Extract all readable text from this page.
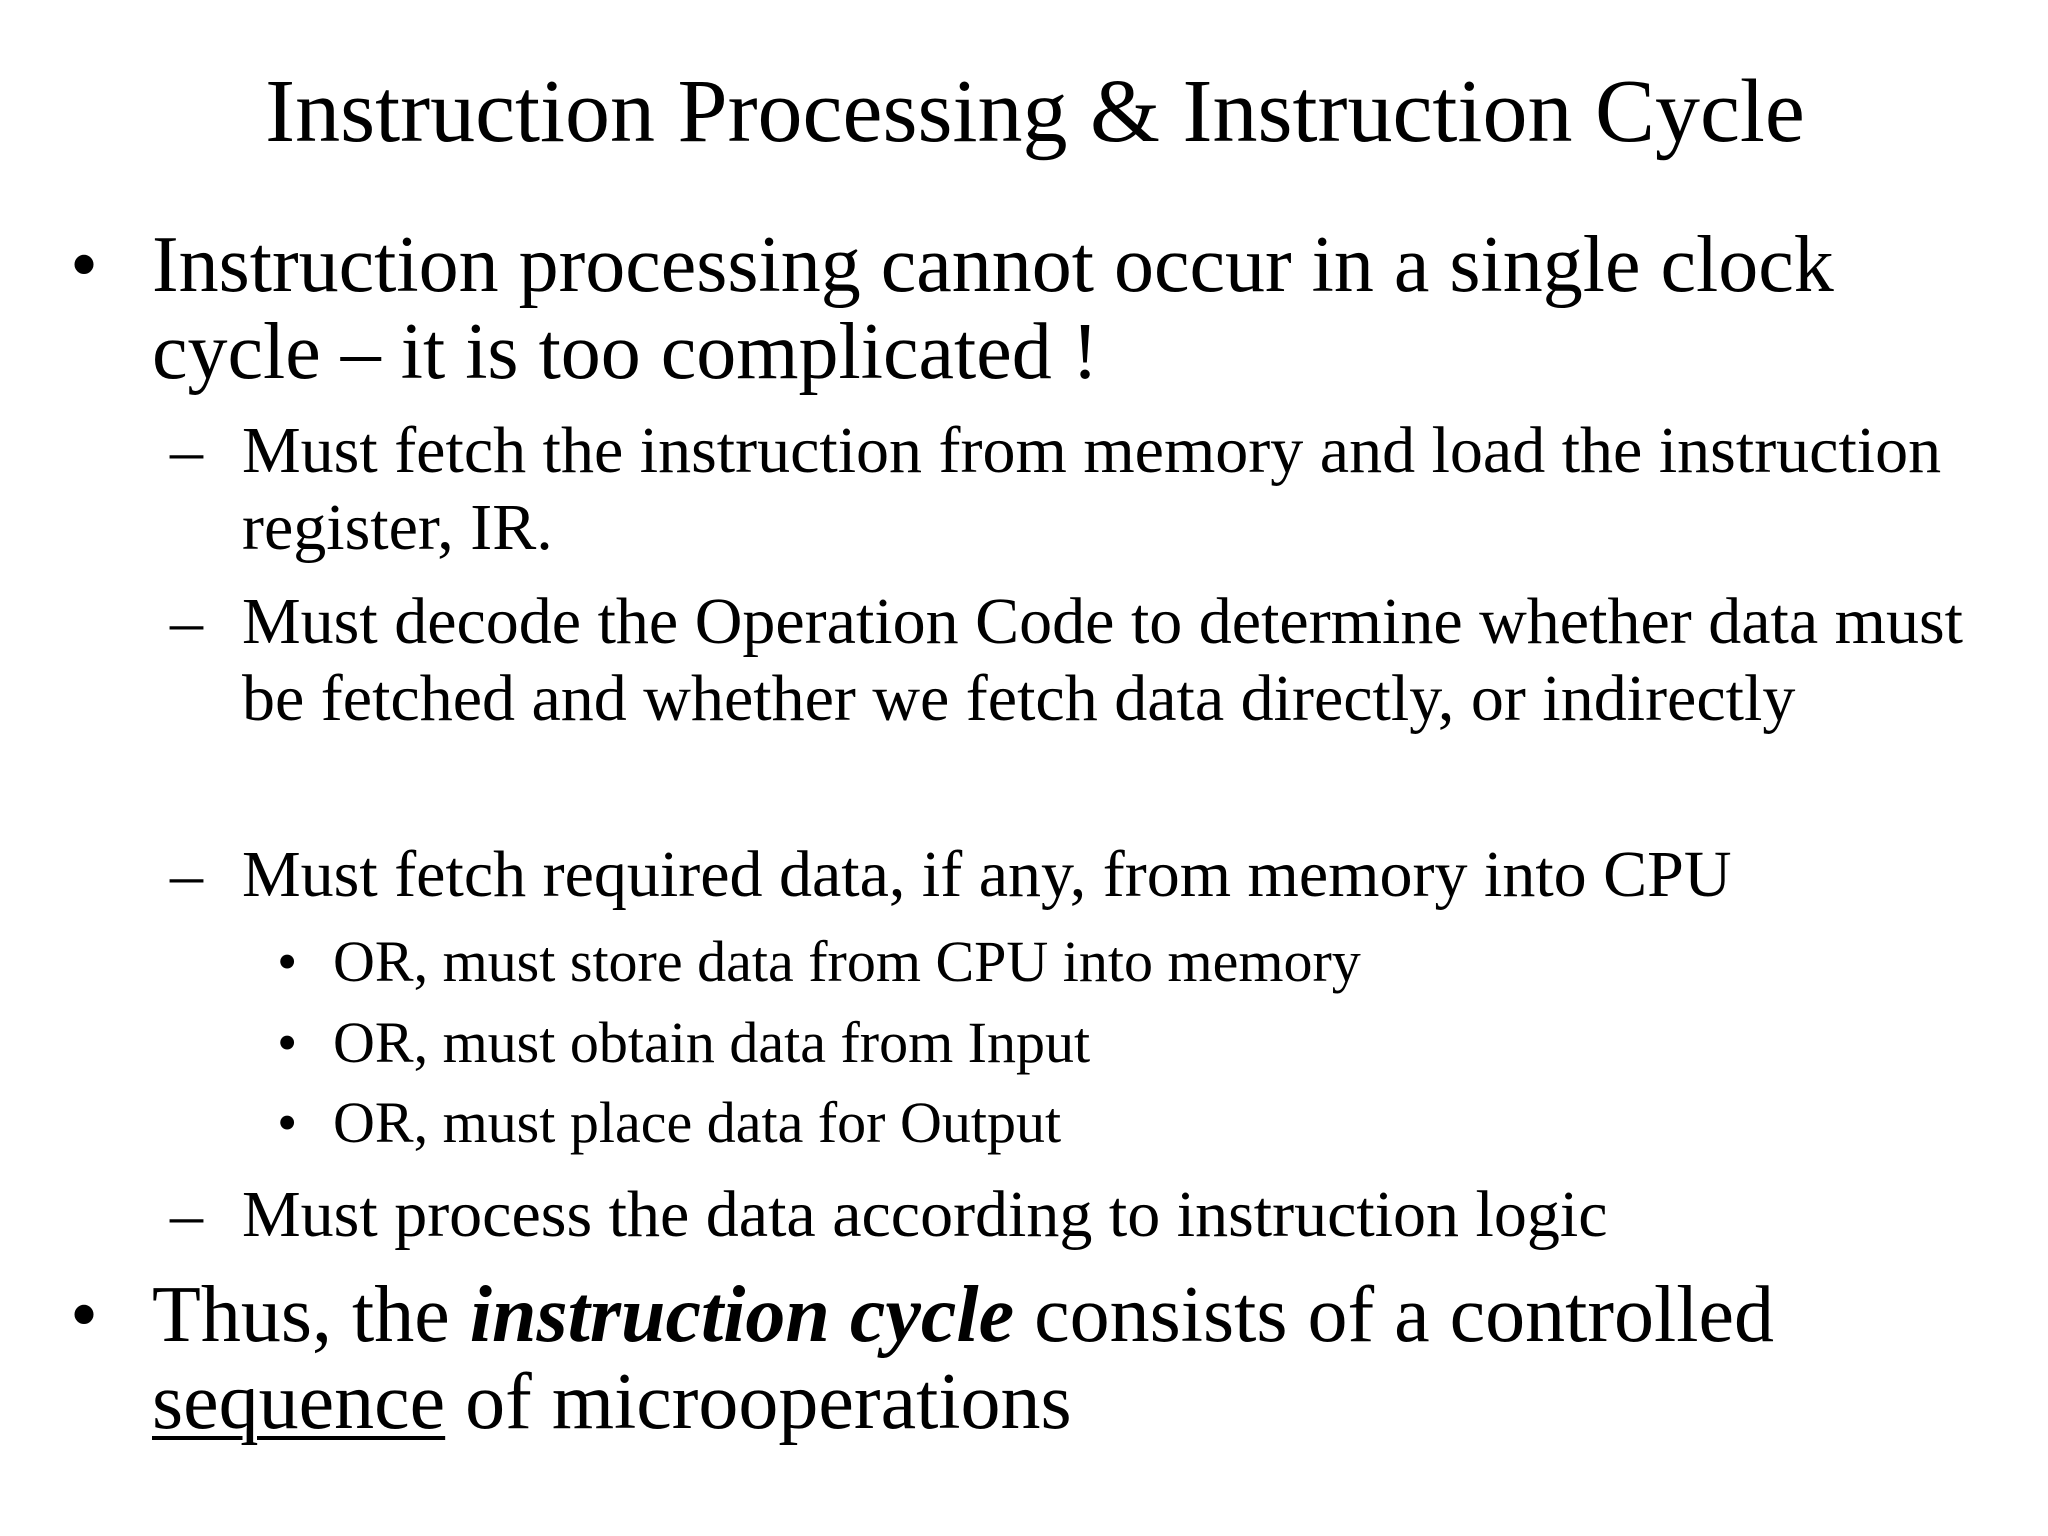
Instruction Processing & Instruction Cycle
• Instruction processing cannot occur in a single clock cycle – it is too complicated !
– Must fetch the instruction from memory and load the instruction register, IR.
– Must decode the Operation Code to determine whether data must be fetched and whether we fetch data directly, or indirectly
– Must fetch required data, if any, from memory into CPU
• OR, must store data from CPU into memory
• OR, must obtain data from Input
• OR, must place data for Output
– Must process the data according to instruction logic
• Thus, the instruction cycle consists of a controlled sequence of microoperations
